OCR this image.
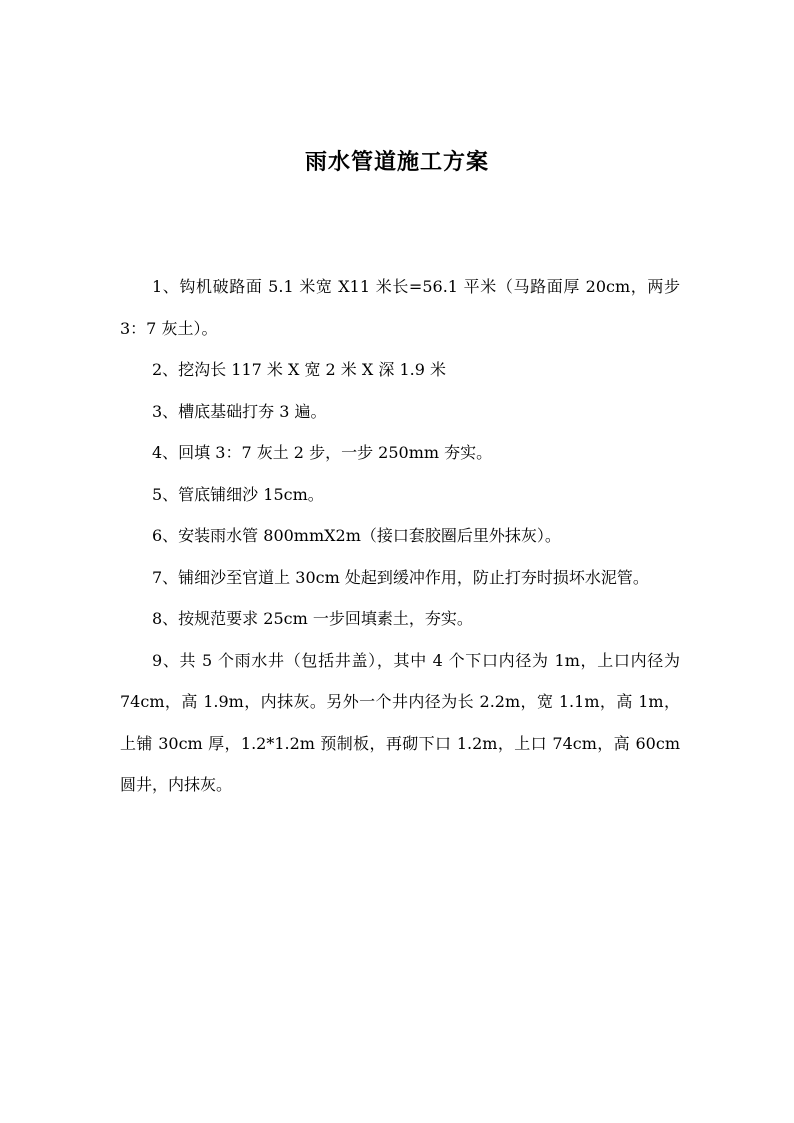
雨水管道施工方案

1、钩机破路面 5.1 米宽 X11 米长=56.1 平米（马路面厚 20cm，两步 3：7 灰土）。

2、挖沟长 117 米 X 宽 2 米 X 深 1.9 米

3、槽底基础打夯 3 遍。

4、回填 3：7 灰土 2 步，一步 250mm 夯实。

5、管底铺细沙 15cm。

6、安装雨水管 800mmX2m（接口套胶圈后里外抹灰）。

7、铺细沙至官道上 30cm 处起到缓冲作用，防止打夯时损坏水泥管。

8、按规范要求 25cm 一步回填素土，夯实。

9、共 5 个雨水井（包括井盖），其中 4 个下口内径为 1m，上口内径为 74cm，高 1.9m，内抹灰。另外一个井内径为长 2.2m，宽 1.1m，高 1m，上铺 30cm 厚，1.2*1.2m 预制板，再砌下口 1.2m，上口 74cm，高 60cm 圆井，内抹灰。
